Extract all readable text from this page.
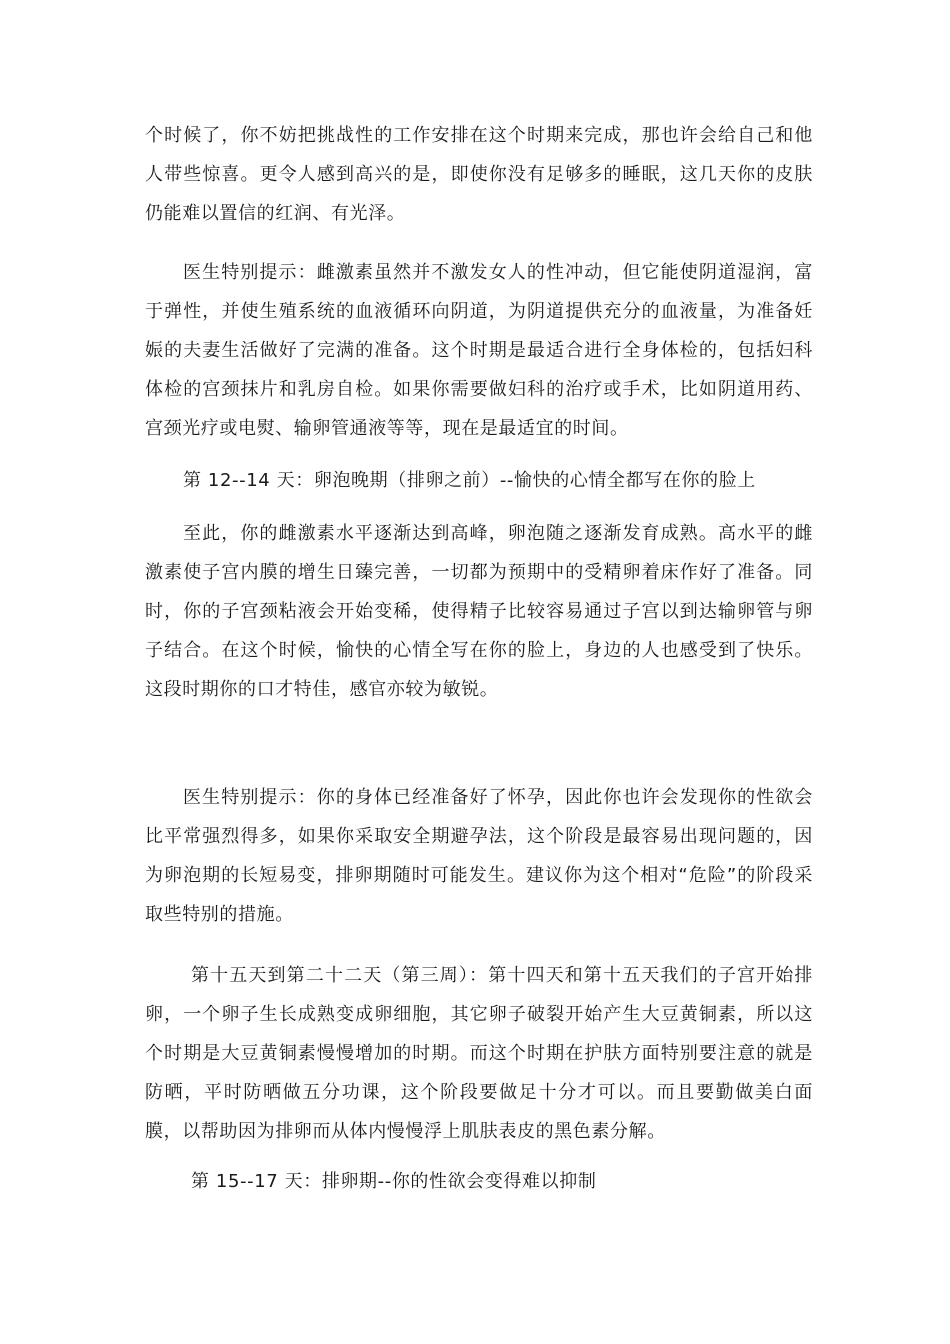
个时候了，你不妨把挑战性的工作安排在这个时期来完成，那也许会给自己和他人带些惊喜。更令人感到高兴的是，即使你没有足够多的睡眠，这几天你的皮肤仍能难以置信的红润、有光泽。

医生特别提示：雌激素虽然并不激发女人的性冲动，但它能使阴道湿润，富于弹性，并使生殖系统的血液循环向阴道，为阴道提供充分的血液量，为准备妊娠的夫妻生活做好了完满的准备。这个时期是最适合进行全身体检的，包括妇科体检的宫颈抹片和乳房自检。如果你需要做妇科的治疗或手术，比如阴道用药、宫颈光疗或电熨、输卵管通液等等，现在是最适宜的时间。

第 12--14 天：卵泡晚期（排卵之前）--愉快的心情全都写在你的脸上

至此，你的雌激素水平逐渐达到高峰，卵泡随之逐渐发育成熟。高水平的雌激素使子宫内膜的增生日臻完善，一切都为预期中的受精卵着床作好了准备。同时，你的子宫颈粘液会开始变稀，使得精子比较容易通过子宫以到达输卵管与卵子结合。在这个时候，愉快的心情全写在你的脸上，身边的人也感受到了快乐。这段时期你的口才特佳，感官亦较为敏锐。

医生特别提示：你的身体已经准备好了怀孕，因此你也许会发现你的性欲会比平常强烈得多，如果你采取安全期避孕法，这个阶段是最容易出现问题的，因为卵泡期的长短易变，排卵期随时可能发生。建议你为这个相对“危险”的阶段采取些特别的措施。

第十五天到第二十二天（第三周）：第十四天和第十五天我们的子宫开始排卵，一个卵子生长成熟变成卵细胞，其它卵子破裂开始产生大豆黄铜素，所以这个时期是大豆黄铜素慢慢增加的时期。而这个时期在护肤方面特别要注意的就是防晒，平时防晒做五分功课，这个阶段要做足十分才可以。而且要勤做美白面膜，以帮助因为排卵而从体内慢慢浮上肌肤表皮的黑色素分解。

第 15--17 天：排卵期--你的性欲会变得难以抑制
